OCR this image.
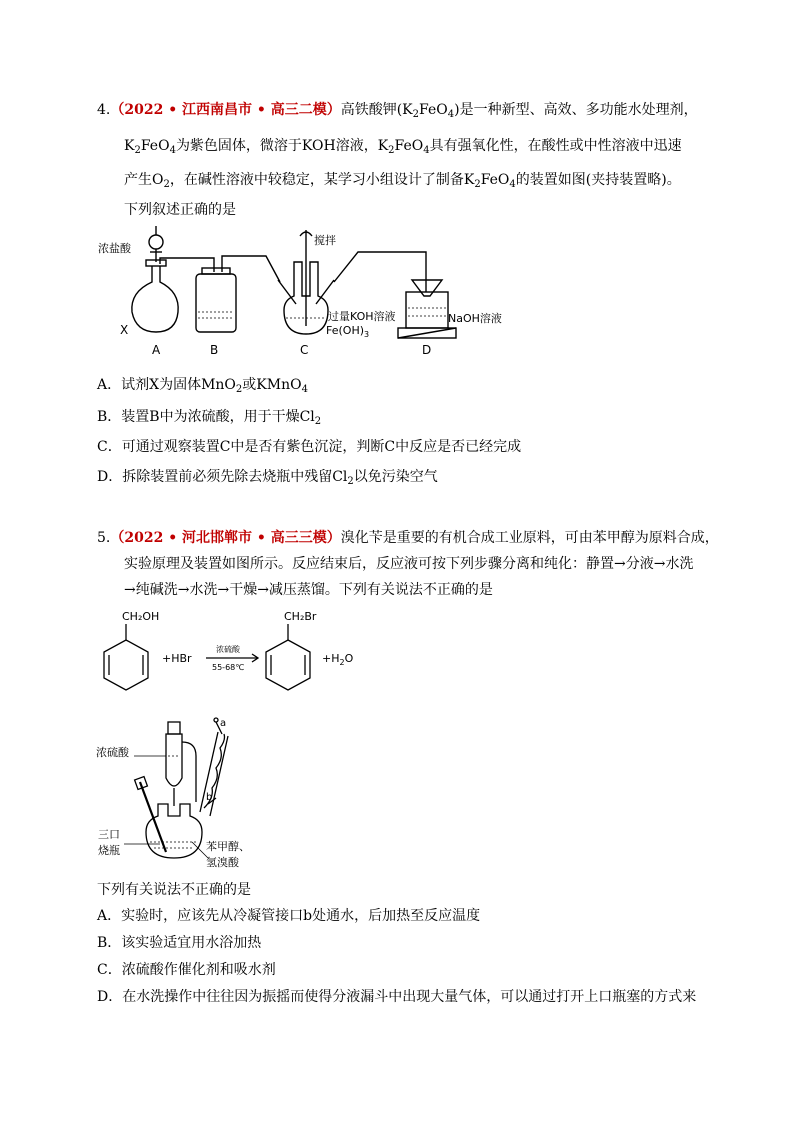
4.（2022 • 江西南昌市 • 高三二模）高铁酸钾$(K_2FeO_4)$是一种新型、高效、多功能水处理剂，
$K_2FeO_4$为紫色固体，微溶于KOH溶液，$K_2FeO_4$具有强氧化性，在酸性或中性溶液中迅速
产生$O_2$，在碱性溶液中较稳定，某学习小组设计了制备$K_2FeO_4$的装置如图(夹持装置略)。
下列叙述正确的是
浓盐酸
搅拌
X
过量KOH溶液
$Fe(OH)_3$
NaOH溶液
A	B	C	D
A．试剂X为固体MnO$_2$或KMnO$_4$
B．装置B中为浓硫酸，用于干燥$Cl_2$
C．可通过观察装置C中是否有紫色沉淀，判断C中反应是否已经完成
D．拆除装置前必须先除去烧瓶中残留$Cl_2$以免污染空气
5.（2022 • 河北邯郸市 • 高三三模）溴化苄是重要的有机合成工业原料，可由苯甲醇为原料合成，
实验原理及装置如图所示。反应结束后，反应液可按下列步骤分离和纯化：静置→分液→水洗
→纯碱洗→水洗→干燥→减压蒸馏。下列有关说法不正确的是
CH₂OH
+HBr
浓硫酸
55-68℃
CH₂Br
$+H_2O$
浓硫酸
a
b
三口
烧瓶	苯甲醇、
氢溴酸
下列有关说法不正确的是
A．实验时，应该先从冷凝管接口b处通水，后加热至反应温度
B．该实验适宜用水浴加热
C．浓硫酸作催化剂和吸水剂
D．在水洗操作中往往因为振摇而使得分液漏斗中出现大量气体，可以通过打开上口瓶塞的方式来
